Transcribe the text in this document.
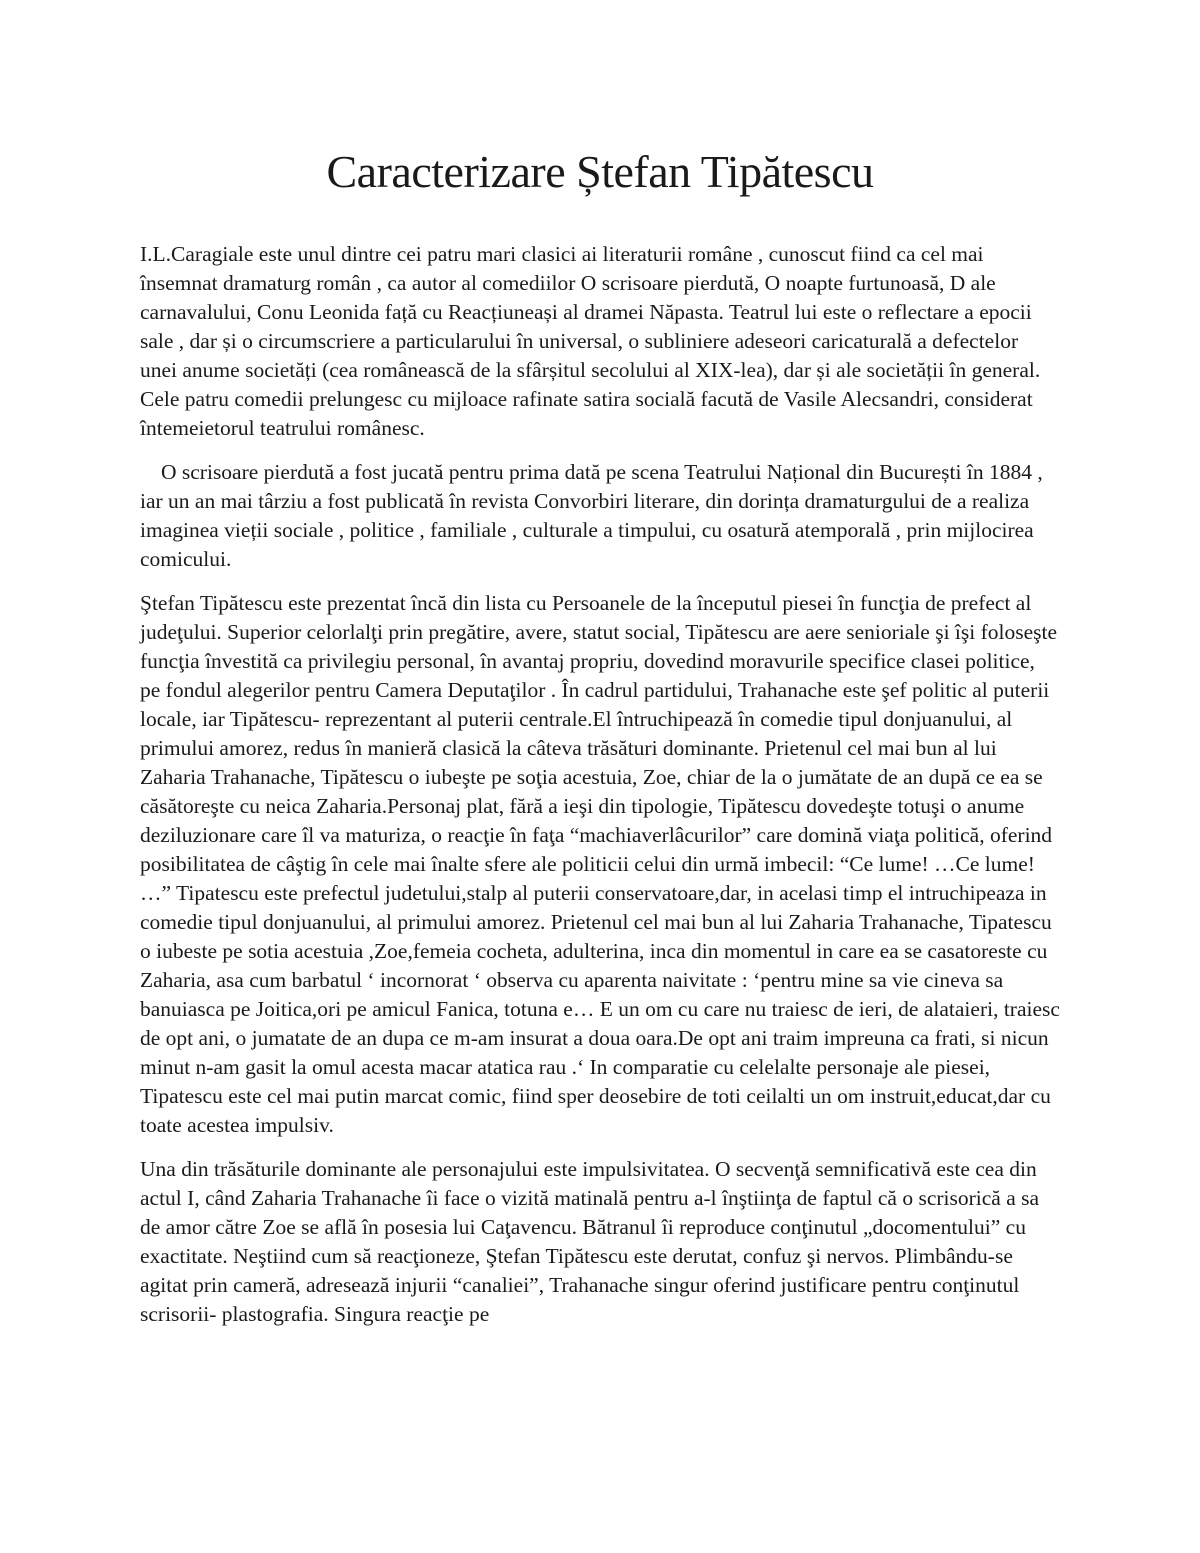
Caracterizare Ștefan Tipătescu

I.L.Caragiale este unul dintre cei patru mari clasici ai literaturii române , cunoscut fiind ca cel mai însemnat dramaturg român , ca autor al comediilor O scrisoare pierdută, O noapte furtunoasă, D ale carnavalului, Conu Leonida față cu Reacțiuneași al dramei Năpasta. Teatrul lui este o reflectare a epocii sale , dar și o circumscriere a particularului în universal, o subliniere adeseori caricaturală a defectelor unei anume societăți (cea românească de la sfârșitul secolului al XIX-lea), dar și ale societății în general. Cele patru comedii prelungesc cu mijloace rafinate satira socială facută de Vasile Alecsandri, considerat întemeietorul teatrului românesc.

O scrisoare pierdută a fost jucată pentru prima dată pe scena Teatrului Național din București în 1884 , iar un an mai târziu a fost publicată în revista Convorbiri literare, din dorința dramaturgului de a realiza imaginea vieții sociale , politice , familiale , culturale a timpului, cu osatură atemporală , prin mijlocirea comicului.

Ştefan Tipătescu este prezentat încă din lista cu Persoanele de la începutul piesei în funcţia de prefect al judeţului. Superior celorlalţi prin pregătire, avere, statut social, Tipătescu are aere senioriale şi îşi foloseşte funcţia învestită ca privilegiu personal, în avantaj propriu, dovedind moravurile specifice clasei politice, pe fondul alegerilor pentru Camera Deputaţilor . În cadrul partidului, Trahanache este şef politic al puterii locale, iar Tipătescu- reprezentant al puterii centrale.El întruchipează în comedie tipul donjuanului, al primului amorez, redus în manieră clasică la câteva trăsături dominante. Prietenul cel mai bun al lui Zaharia Trahanache, Tipătescu o iubeşte pe soţia acestuia, Zoe, chiar de la o jumătate de an după ce ea se căsătoreşte cu neica Zaharia.Personaj plat, fără a ieşi din tipologie, Tipătescu dovedeşte totuşi o anume deziluzionare care îl va maturiza, o reacţie în faţa “machiaverlâcurilor” care domină viaţa politică, oferind posibilitatea de câştig în cele mai înalte sfere ale politicii celui din urmă imbecil: “Ce lume! …Ce lume! …” Tipatescu este prefectul judetului,stalp al puterii conservatoare,dar, in acelasi timp el intruchipeaza in comedie tipul donjuanului, al primului amorez. Prietenul cel mai bun al lui Zaharia Trahanache, Tipatescu o iubeste pe sotia acestuia ,Zoe,femeia cocheta, adulterina, inca din momentul in care ea se casatoreste cu Zaharia, asa cum barbatul ‘ incornorat ‘ observa cu aparenta naivitate : ‘pentru mine sa vie cineva sa banuiasca pe Joitica,ori pe amicul Fanica, totuna e… E un om cu care nu traiesc de ieri, de alataieri, traiesc de opt ani, o jumatate de an dupa ce m-am insurat a doua oara.De opt ani traim impreuna ca frati, si nicun minut n-am gasit la omul acesta macar atatica rau .‘ In comparatie cu celelalte personaje ale piesei, Tipatescu este cel mai putin marcat comic, fiind sper deosebire de toti ceilalti un om instruit,educat,dar cu toate acestea impulsiv.

Una din trăsăturile dominante ale personajului este impulsivitatea. O secvenţă semnificativă este cea din actul I, când Zaharia Trahanache îi face o vizită matinală pentru a-l înştiinţa de faptul că o scrisorică a sa de amor către Zoe se află în posesia lui Caţavencu. Bătranul îi reproduce conţinutul „docomentului” cu exactitate. Neştiind cum să reacţioneze, Ştefan Tipătescu este derutat, confuz şi nervos. Plimbându-se agitat prin cameră, adresează injurii “canaliei”, Trahanache singur oferind justificare pentru conţinutul scrisorii- plastografia. Singura reacţie pe
